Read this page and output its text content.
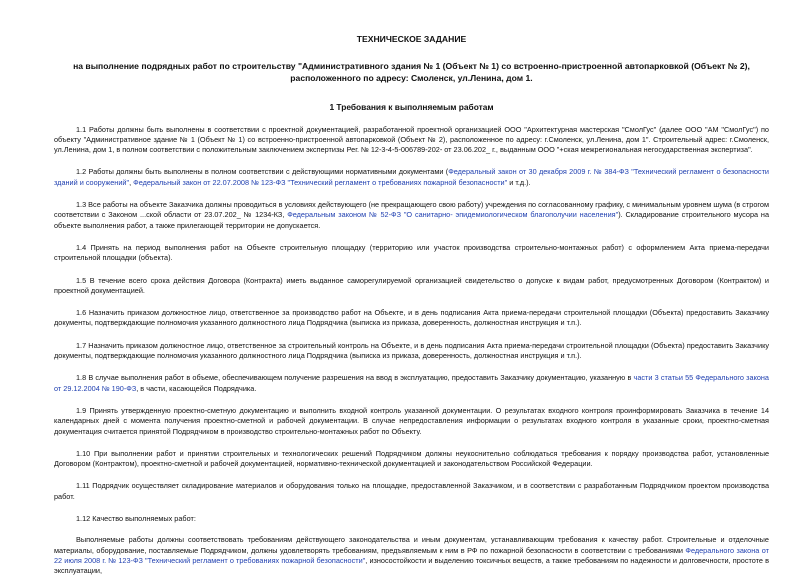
ТЕХНИЧЕСКОЕ ЗАДАНИЕ
на выполнение подрядных работ по строительству "Административного здания № 1 (Объект № 1) со встроенно-пристроенной автопарковкой (Объект № 2),
расположенного по адресу: Смоленск, ул.Ленина, дом 1.
1 Требования к выполняемым работам

1.1 Работы должны быть выполнены в соответствии с проектной документацией, разработанной проектной организацией ООО "Архитектурная мастерская "СмолГус" (далее ООО "АМ "СмолГус") по объекту "Административное здание № 1 (Объект № 1) со встроенно-пристроенной автопарковкой (Объект № 2), расположенное по адресу: г.Смоленск, ул.Ленина, дом 1". Строительный адрес: г.Смоленск, ул.Ленина, дом 1, в полном соответствии с положительным заключением экспертизы Рег. № 12-3-4-5-006789-202- от 23.06.202_ г., выданным ООО "+ская межрегиональная негосударственная экспертиза".

1.2 Работы должны быть выполнены в полном соответствии с действующими нормативными документами (Федеральный закон от 30 декабря 2009 г. № 384-ФЗ "Технический регламент о безопасности зданий и сооружений", Федеральный закон от 22.07.2008 № 123-ФЗ "Технический регламент о требованиях пожарной безопасности" и т.д.).

1.3 Все работы на объекте Заказчика должны проводиться в условиях действующего (не прекращающего свою работу) учреждения по согласованному графику, с минимальным уровнем шума (в строгом соответствии с Законом ...ской области от 23.07.202_ № 1234-КЗ, Федеральным законом № 52-ФЗ "О санитарно- эпидемиологическом благополучии населения"). Складирование строительного мусора на объекте выполнения работ, а также прилегающей территории не допускается.

1.4 Принять на период выполнения работ на Объекте строительную площадку (территорию или участок производства строительно-монтажных работ) с оформлением Акта приема-передачи строительной площадки (объекта).

1.5 В течение всего срока действия Договора (Контракта) иметь выданное саморегулируемой организацией свидетельство о допуске к видам работ, предусмотренных Договором (Контрактом) и проектной документацией.

1.6 Назначить приказом должностное лицо, ответственное за производство работ на Объекте, и в день подписания Акта приема-передачи строительной площадки (Объекта) предоставить Заказчику документы, подтверждающие полномочия указанного должностного лица Подрядчика (выписка из приказа, доверенность, должностная инструкция и т.п.).

1.7 Назначить приказом должностное лицо, ответственное за строительный контроль на Объекте, и в день подписания Акта приема-передачи строительной площадки (Объекта) предоставить Заказчику документы, подтверждающие полномочия указанного должностного лица Подрядчика (выписка из приказа, доверенность, должностная инструкция и т.п.).

1.8 В случае выполнения работ в объеме, обеспечивающем получение разрешения на ввод в эксплуатацию, предоставить Заказчику документацию, указанную в части 3 статьи 55 Федерального закона от 29.12.2004 № 190-ФЗ, в части, касающейся Подрядчика.

1.9 Принять утвержденную проектно-сметную документацию и выполнить входной контроль указанной документации. О результатах входного контроля проинформировать Заказчика в течение 14 календарных дней с момента получения проектно-сметной и рабочей документации. В случае непредоставления информации о результатах входного контроля в указанные сроки, проектно-сметная документация считается принятой Подрядчиком в производство строительно-монтажных работ по Объекту.

1.10 При выполнении работ и принятии строительных и технологических решений Подрядчиком должны неукоснительно соблюдаться требования к порядку производства работ, установленные Договором (Контрактом), проектно-сметной и рабочей документацией, нормативно-технической документацией и законодательством Российской Федерации.

1.11 Подрядчик осуществляет складирование материалов и оборудования только на площадке, предоставленной Заказчиком, и в соответствии с разработанным Подрядчиком проектом производства работ.

1.12 Качество выполняемых работ:

Выполняемые работы должны соответствовать требованиям действующего законодательства и иным документам, устанавливающим требования к качеству работ. Строительные и отделочные материалы, оборудование, поставляемые Подрядчиком, должны удовлетворять требованиям, предъявляемым к ним в РФ по пожарной безопасности в соответствии с требованиями Федерального закона от 22 июля 2008 г. № 123-ФЗ "Технический регламент о требованиях пожарной безопасности", износостойкости и выделению токсичных веществ, а также требованиям по надежности и долговечности, простоте в эксплуатации,
